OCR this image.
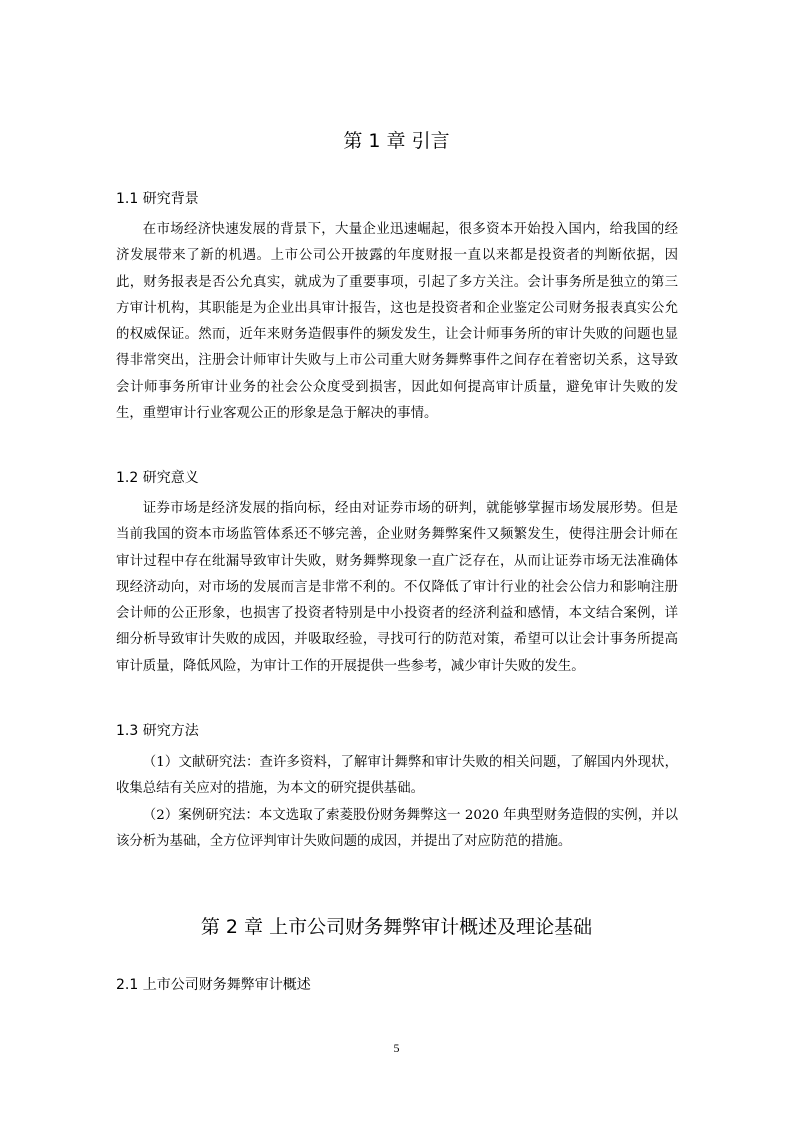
第 1 章 引言
1.1 研究背景

在市场经济快速发展的背景下，大量企业迅速崛起，很多资本开始投入国内，给我国的经济发展带来了新的机遇。上市公司公开披露的年度财报一直以来都是投资者的判断依据，因此，财务报表是否公允真实，就成为了重要事项，引起了多方关注。会计事务所是独立的第三方审计机构，其职能是为企业出具审计报告，这也是投资者和企业鉴定公司财务报表真实公允的权威保证。然而，近年来财务造假事件的频发发生，让会计师事务所的审计失败的问题也显得非常突出，注册会计师审计失败与上市公司重大财务舞弊事件之间存在着密切关系，这导致会计师事务所审计业务的社会公众度受到损害，因此如何提高审计质量，避免审计失败的发生，重塑审计行业客观公正的形象是急于解决的事情。

1.2 研究意义

证券市场是经济发展的指向标，经由对证券市场的研判，就能够掌握市场发展形势。但是当前我国的资本市场监管体系还不够完善，企业财务舞弊案件又频繁发生，使得注册会计师在审计过程中存在纰漏导致审计失败，财务舞弊现象一直广泛存在，从而让证券市场无法准确体现经济动向，对市场的发展而言是非常不利的。不仅降低了审计行业的社会公信力和影响注册会计师的公正形象，也损害了投资者特别是中小投资者的经济利益和感情，本文结合案例，详细分析导致审计失败的成因，并吸取经验，寻找可行的防范对策，希望可以让会计事务所提高审计质量，降低风险，为审计工作的开展提供一些参考，减少审计失败的发生。

1.3 研究方法

（1）文献研究法：查许多资料，了解审计舞弊和审计失败的相关问题，了解国内外现状，收集总结有关应对的措施，为本文的研究提供基础。

（2）案例研究法：本文选取了索菱股份财务舞弊这一 2020 年典型财务造假的实例，并以该分析为基础，全方位评判审计失败问题的成因，并提出了对应防范的措施。

第 2 章 上市公司财务舞弊审计概述及理论基础
2.1 上市公司财务舞弊审计概述
5
